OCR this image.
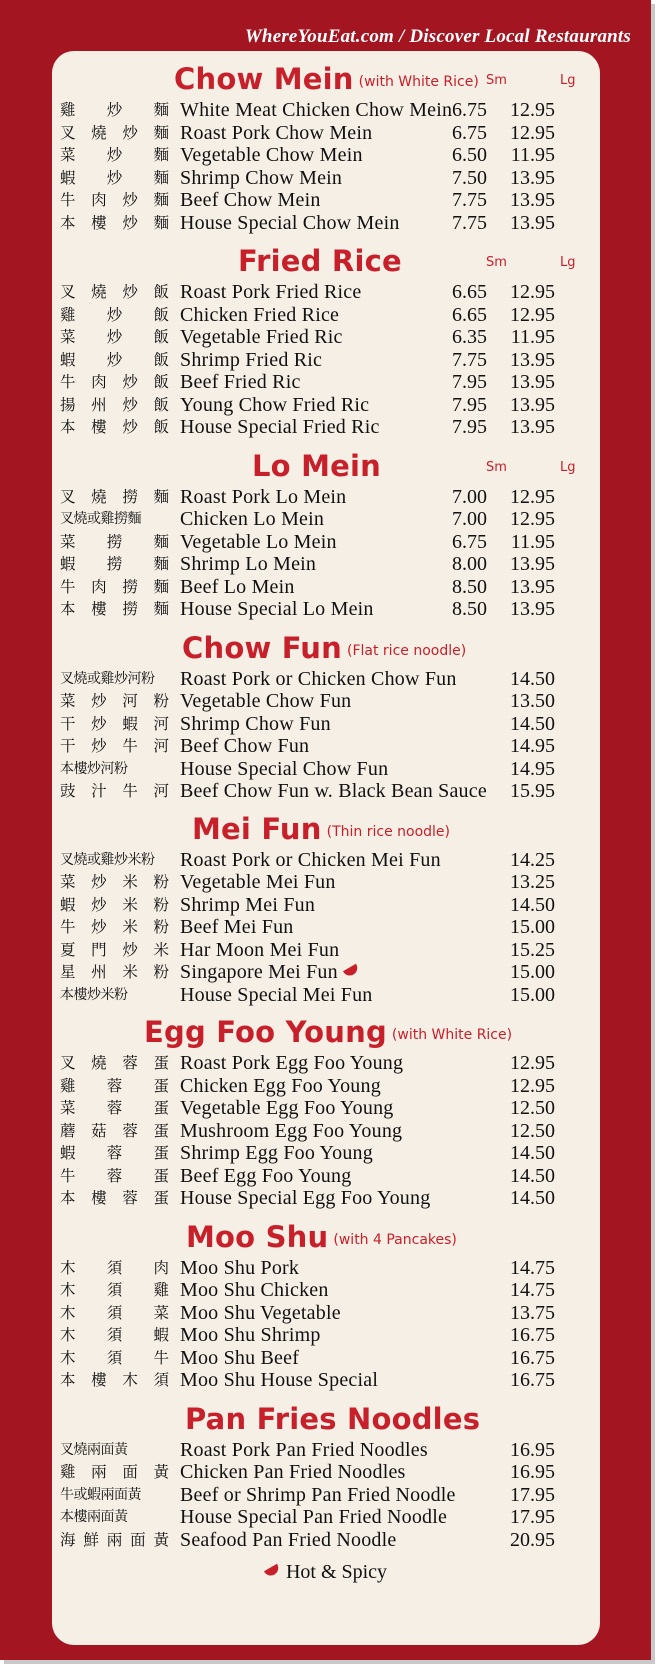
WhereYouEat.com / Discover Local Restaurants
Chow Mein (with White Rice) Sm	Lg
雞 炒 麵 White Meat Chicken Chow Mein 6.75 12.95
叉 燒 炒 麵 Roast Pork Chow Mein	6.75 12.95
菜 炒 麵 Vegetable Chow Mein	6.50 11.95
蝦 炒 麵 Shrimp Chow Mein	7.50 13.95
牛 肉 炒 麵 Beef Chow Mein	7.75 13.95
本 樓 炒 麵 House Special Chow Mein	7.75 13.95
Fried Rice	Sm	Lg
叉 燒 炒 飯 Roast Pork Fried Rice	6.65 12.95
雞 炒 飯 Chicken Fried Rice	6.65 12.95
菜 炒 飯 Vegetable Fried Ric	6.35 11.95
蝦 炒 飯 Shrimp Fried Ric	7.75 13.95
牛 肉 炒 飯 Beef Fried Ric	7.95 13.95
揚 州 炒 飯 Young Chow Fried Ric	7.95 13.95
本 樓 炒 飯 House Special Fried Ric	7.95 13.95
Lo Mein	Sm	Lg
叉 燒 撈 麵 Roast Pork Lo Mein	7.00 12.95
叉燒或雞撈麵 Chicken Lo Mein	7.00 12.95
菜 撈 麵 Vegetable Lo Mein	6.75 11.95
蝦 撈 麵 Shrimp Lo Mein	8.00 13.95
牛 肉 撈 麵 Beef Lo Mein	8.50 13.95
本 樓 撈 麵 House Special Lo Mein	8.50 13.95
Chow Fun (Flat rice noodle)
叉燒或雞炒河粉 Roast Pork or Chicken Chow Fun	14.50
菜 炒 河 粉 Vegetable Chow Fun	13.50
干 炒 蝦 河 Shrimp Chow Fun	14.50
干 炒 牛 河 Beef Chow Fun	14.95
本樓炒河粉	House Special Chow Fun	14.95
豉 汁 牛 河 Beef Chow Fun w. Black Bean Sauce 15.95
Mei Fun (Thin rice noodle)
叉燒或雞炒米粉 Roast Pork or Chicken Mei Fun	14.25
菜 炒 米 粉 Vegetable Mei Fun	13.25
蝦 炒 米 粉 Shrimp Mei Fun	14.50
牛 炒 米 粉 Beef Mei Fun	15.00
夏 門 炒 米 Har Moon Mei Fun	15.25
星 州 米 粉 Singapore Mei Fun	15.00
本樓炒米粉	House Special Mei Fun	15.00
Egg Foo Young (with White Rice)
叉 燒 蓉 蛋 Roast Pork Egg Foo Young	12.95
雞 蓉 蛋 Chicken Egg Foo Young	12.95
菜 蓉 蛋 Vegetable Egg Foo Young	12.50
蘑 菇 蓉 蛋 Mushroom Egg Foo Young	12.50
蝦 蓉 蛋 Shrimp Egg Foo Young	14.50
牛 蓉 蛋 Beef Egg Foo Young	14.50
本 樓 蓉 蛋 House Special Egg Foo Young	14.50
Moo Shu (with 4 Pancakes)
木 須 肉 Moo Shu Pork	14.75
木 須 雞 Moo Shu Chicken	14.75
木 須 菜 Moo Shu Vegetable	13.75
木 須 蝦 Moo Shu Shrimp	16.75
木 須 牛 Moo Shu Beef	16.75
本 樓 木 須 Moo Shu House Special	16.75
Pan Fries Noodles
叉燒兩面黃	Roast Pork Pan Fried Noodles	16.95
雞 兩 面 黃 Chicken Pan Fried Noodles	16.95
牛或蝦兩面黃 Beef or Shrimp Pan Fried Noodle	17.95
本樓兩面黃	House Special Pan Fried Noodle	17.95
海 鮮 兩 面 黃 Seafood Pan Fried Noodle	20.95
Hot & Spicy
